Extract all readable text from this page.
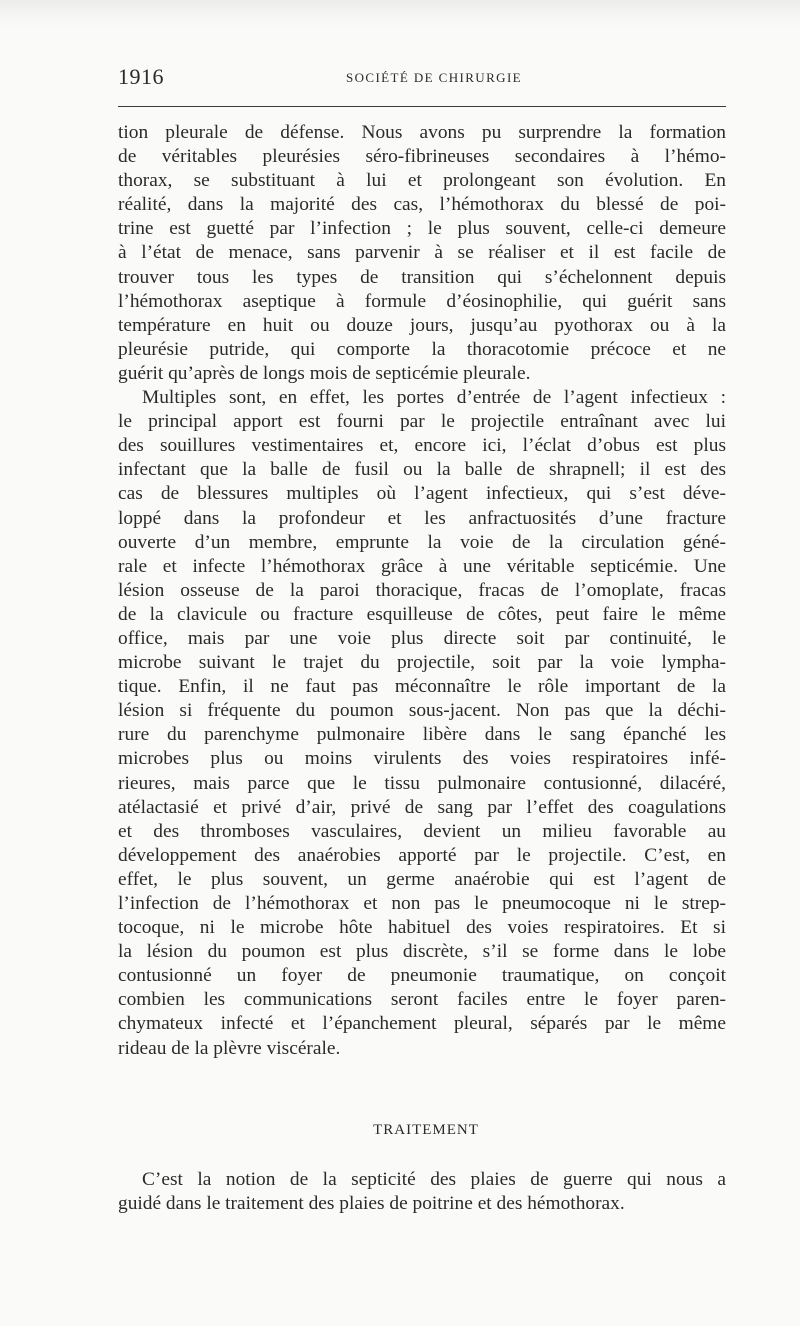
1916	SOCIÉTÉ DE CHIRURGIE
tion pleurale de défense. Nous avons pu surprendre la formation
de véritables pleurésies séro-fibrineuses secondaires à l’hémo-
thorax, se substituant à lui et prolongeant son évolution. En
réalité, dans la majorité des cas, l’hémothorax du blessé de poi-
trine est guetté par l’infection ; le plus souvent, celle-ci demeure
à l’état de menace, sans parvenir à se réaliser et il est facile de
trouver tous les types de transition qui s’échelonnent depuis
l’hémothorax aseptique à formule d’éosinophilie, qui guérit sans
température en huit ou douze jours, jusqu’au pyothorax ou à la
pleurésie putride, qui comporte la thoracotomie précoce et ne
guérit qu’après de longs mois de septicémie pleurale.
Multiples sont, en effet, les portes d’entrée de l’agent infectieux :
le principal apport est fourni par le projectile entraînant avec lui
des souillures vestimentaires et, encore ici, l’éclat d’obus est plus
infectant que la balle de fusil ou la balle de shrapnell; il est des
cas de blessures multiples où l’agent infectieux, qui s’est déve-
loppé dans la profondeur et les anfractuosités d’une fracture
ouverte d’un membre, emprunte la voie de la circulation géné-
rale et infecte l’hémothorax grâce à une véritable septicémie. Une
lésion osseuse de la paroi thoracique, fracas de l’omoplate, fracas
de la clavicule ou fracture esquilleuse de côtes, peut faire le même
office, mais par une voie plus directe soit par continuité, le
microbe suivant le trajet du projectile, soit par la voie lympha-
tique. Enfin, il ne faut pas méconnaître le rôle important de la
lésion si fréquente du poumon sous-jacent. Non pas que la déchi-
rure du parenchyme pulmonaire libère dans le sang épanché les
microbes plus ou moins virulents des voies respiratoires infé-
rieures, mais parce que le tissu pulmonaire contusionné, dilacéré,
atélactasié et privé d’air, privé de sang par l’effet des coagulations
et des thromboses vasculaires, devient un milieu favorable au
développement des anaérobies apporté par le projectile. C’est, en
effet, le plus souvent, un germe anaérobie qui est l’agent de
l’infection de l’hémothorax et non pas le pneumocoque ni le strep-
tocoque, ni le microbe hôte habituel des voies respiratoires. Et si
la lésion du poumon est plus discrète, s’il se forme dans le lobe
contusionné un foyer de pneumonie traumatique, on conçoit
combien les communications seront faciles entre le foyer paren-
chymateux infecté et l’épanchement pleural, séparés par le même
rideau de la plèvre viscérale.
TRAITEMENT
C’est la notion de la septicité des plaies de guerre qui nous a
guidé dans le traitement des plaies de poitrine et des hémothorax.
